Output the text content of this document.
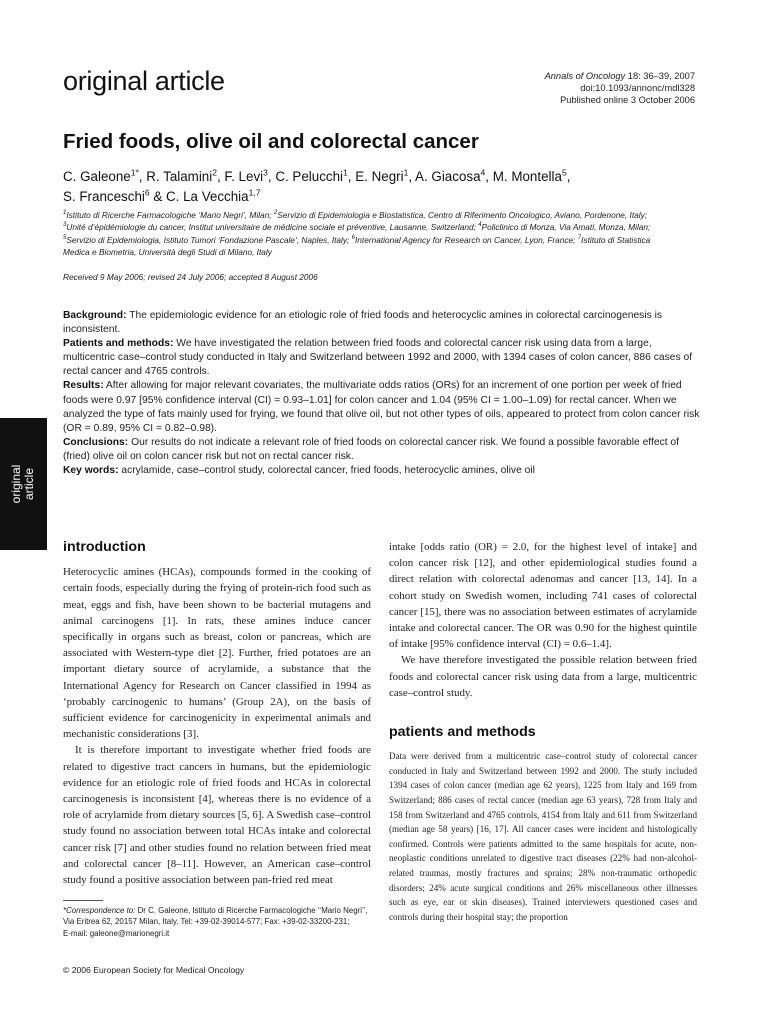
original article	Annals of Oncology 18: 36–39, 2007
doi:10.1093/annonc/mdl328
Published online 3 October 2006
Fried foods, olive oil and colorectal cancer
C. Galeone$^{1*}$, R. Talamini$^2$, F. Levi$^3$, C. Pelucchi$^1$, E. Negri$^1$, A. Giacosa$^4$, M. Montella$^5$,
S. Franceschi$^6$ & C. La Vecchia$^{1,7}$
$^1$Istituto di Ricerche Farmacologiche ‘Mario Negri’, Milan; $^2$Servizio di Epidemiologia e Biostatistica, Centro di Riferimento Oncologico, Aviano, Pordenone, Italy;
$^3$Unité d’épidémiologie du cancer, Institut universitaire de médicine sociale et préventive, Lausanne, Switzerland; $^4$Policlinico di Monza, Via Amati, Monza, Milan;
$^5$Servizio di Epidemiologia, Istituto Tumori ‘Fondazione Pascale’, Naples, Italy; $^6$International Agency for Research on Cancer, Lyon, France; $^7$Istituto di Statistica
Medica e Biometria, Università degli Studi di Milano, Italy
Received 9 May 2006; revised 24 July 2006; accepted 8 August 2006

Background: The epidemiologic evidence for an etiologic role of fried foods and heterocyclic amines in colorectal carcinogenesis is inconsistent.

Patients and methods: We have investigated the relation between fried foods and colorectal cancer risk using data from a large, multicentric case–control study conducted in Italy and Switzerland between 1992 and 2000, with 1394 cases of colon cancer, 886 cases of rectal cancer and 4765 controls.

Results: After allowing for major relevant covariates, the multivariate odds ratios (ORs) for an increment of one portion per week of fried foods were 0.97 [95% confidence interval (CI) = 0.93–1.01] for colon cancer and 1.04 (95% CI = 1.00–1.09) for rectal cancer. When we analyzed the type of fats mainly used for frying, we found that olive oil, but not other types of oils, appeared to protect from colon cancer risk (OR = 0.89, 95% CI = 0.82–0.98).

Conclusions: Our results do not indicate a relevant role of fried foods on colorectal cancer risk. We found a possible favorable effect of (fried) olive oil on colon cancer risk but not on rectal cancer risk.

Key words: acrylamide, case–control study, colorectal cancer, fried foods, heterocyclic amines, olive oil

original article
introduction

Heterocyclic amines (HCAs), compounds formed in the cooking of certain foods, especially during the frying of protein-rich food such as meat, eggs and fish, have been shown to be bacterial mutagens and animal carcinogens [1]. In rats, these amines induce cancer specifically in organs such as breast, colon or pancreas, which are associated with Western-type diet [2]. Further, fried potatoes are an important dietary source of acrylamide, a substance that the International Agency for Research on Cancer classified in 1994 as ‘probably carcinogenic to humans’ (Group 2A), on the basis of sufficient evidence for carcinogenicity in experimental animals and mechanistic considerations [3].

It is therefore important to investigate whether fried foods are related to digestive tract cancers in humans, but the epidemiologic evidence for an etiologic role of fried foods and HCAs in colorectal carcinogenesis is inconsistent [4], whereas there is no evidence of a role of acrylamide from dietary sources [5, 6]. A Swedish case–control study found no association between total HCAs intake and colorectal cancer risk [7] and other studies found no relation between fried meat and colorectal cancer [8–11]. However, an American case–control study found a positive association between pan-fried red meat

intake [odds ratio (OR) = 2.0, for the highest level of intake] and colon cancer risk [12], and other epidemiological studies found a direct relation with colorectal adenomas and cancer [13, 14]. In a cohort study on Swedish women, including 741 cases of colorectal cancer [15], there was no association between estimates of acrylamide intake and colorectal cancer. The OR was 0.90 for the highest quintile of intake [95% confidence interval (CI) = 0.6–1.4].

We have therefore investigated the possible relation between fried foods and colorectal cancer risk using data from a large, multicentric case–control study.

patients and methods

Data were derived from a multicentric case–control study of colorectal cancer conducted in Italy and Switzerland between 1992 and 2000. The study included 1394 cases of colon cancer (median age 62 years), 1225 from Italy and 169 from Switzerland; 886 cases of rectal cancer (median age 63 years), 728 from Italy and 158 from Switzerland and 4765 controls, 4154 from Italy and 611 from Switzerland (median age 58 years) [16, 17]. All cancer cases were incident and histologically confirmed. Controls were patients admitted to the same hospitals for acute, non-neoplastic conditions unrelated to digestive tract diseases (22% had non-alcohol-related traumas, mostly fractures and sprains; 28% non-traumatic orthopedic disorders; 24% acute surgical conditions and 26% miscellaneous other illnesses such as eye, ear or skin diseases). Trained interviewers questioned cases and controls during their hospital stay; the proportion

*Correspondence to: Dr C. Galeone, Istituto di Ricerche Farmacologiche ‘‘Mario Negri’’,
Via Eritrea 62, 20157 Milan, Italy. Tel: +39-02-39014-577; Fax: +39-02-33200-231;
E-mail: galeone@marionegri.it
© 2006 European Society for Medical Oncology
